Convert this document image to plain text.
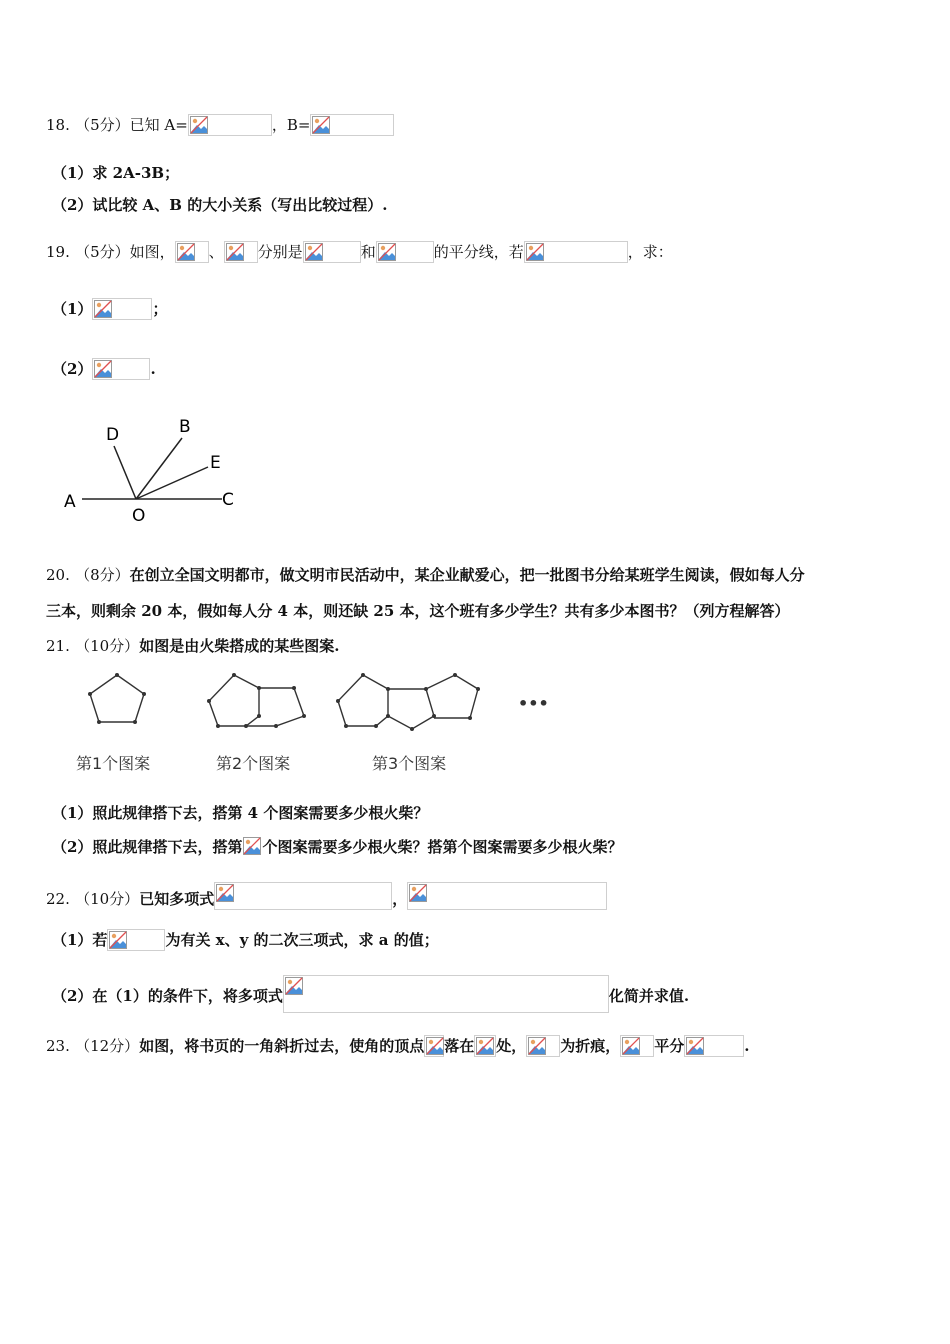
18. （5分）已知 A=	，B=
（1）求 2A-3B；
（2）试比较 A、B 的大小关系（写出比较过程）.
19. （5分）如图， 、 分别是	和	的平分线，若	，求：
（1）	；
（2）	.
D	B
E
A
O
C
20. （8分）在创立全国文明都市，做文明市民活动中，某企业献爱心，把一批图书分给某班学生阅读，假如每人分
三本，则剩余 20 本，假如每人分 4 本，则还缺 25 本，这个班有多少学生？共有多少本图书？（列方程解答）
21. （10分）如图是由火柴搭成的某些图案.
•••
第1个图案	第2个图案	第3个图案
（1）照此规律搭下去，搭第 4 个图案需要多少根火柴？
（2）照此规律搭下去，搭第 个图案需要多少根火柴？搭第个图案需要多少根火柴？
22. （10分）已知多项式	，
（1）若	为有关 x、y 的二次三项式，求 a 的值；
（2）在（1）的条件下，将多项式	化简并求值.
23. （12分）如图，将书页的一角斜折过去，使角的顶点 落在 处， 为折痕， 平分	.
